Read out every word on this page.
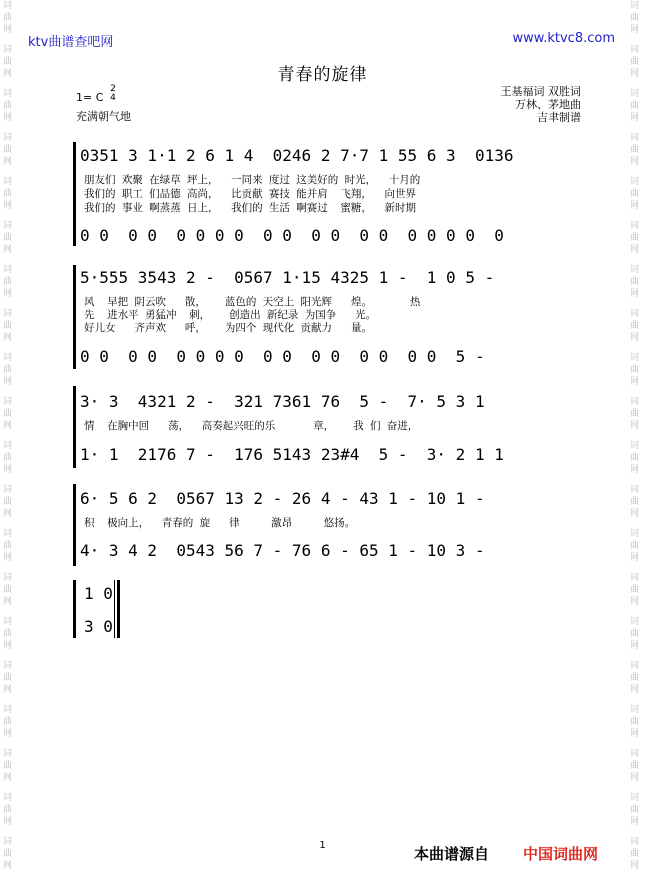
词
曲
网
词
曲
网
词
曲
网
词
曲
网
词
曲
网
词
曲
网
词
曲
网
词
曲
网
词
曲
网
词
曲
网
词
曲
网
词
曲
网
词
曲
网
词
曲
网
词
曲
网
词
曲
网
词
曲
网
词
曲
网
词
曲
网
词
曲
网
词
曲
网
词
曲
网
词
曲
网
词
曲
网
词
曲
网
词
曲
网
词
曲
网
词
曲
网
词
曲
网
词
曲
网
词
曲
网
词
曲
网
词
曲
网
词
曲
网
词
曲
网
词
曲
网
词
曲
网
词
曲
网
词
曲
网
词
曲
网
ktv曲谱查吧网	www.ktvc8.com
青春的旋律
1= C
2
4
充满朝气地
王基福词 双胜词
万林、茅地曲
吉聿制谱
0351 3 1·1 2 6 1 4  0246 2 7·7 1 55 6 3  0136
朋友们 欢聚 在绿草 坪上，  一同来 度过 这美好的 时光，  十月的
我们的 职工 们品德 高尚，  比贡献 赛技 能并肩  飞翔，  向世界
我们的 事业 啊蒸蒸 日上，  我们的 生活 啊赛过  蜜糖，  新时期
0 0  0 0  0 0 0 0  0 0  0 0  0 0  0 0 0 0  0
5·555 3543 2 -  0567 1·15 4325 1 -  1 0 5 -
风  早把 阴云吹   散，   蓝色的 天空上 阳光辉   煌。      热
先  进水平 勇猛冲  刺，   创造出 新纪录 为国争   光。
好儿女   齐声欢   呼，   为四个 现代化 贡献力   量。
0 0  0 0  0 0 0 0  0 0  0 0  0 0  0 0  5 -
3· 3  4321 2 -  321 7361 76  5 -  7· 5 3 1
情  在胸中回   荡，  高奏起兴旺的乐      章，   我 们 奋进，
1· 1  2176 7 -  176 5143 23#4  5 -  3· 2 1 1
6· 5 6 2  0567 13 2 - 26 4 - 43 1 - 10 1 -
积  极向上，  青春的 旋   律     激昂     悠扬。
4· 3 4 2  0543 56 7 - 76 6 - 65 1 - 10 3 -
1 0
3 0
1	本曲谱源自 中国词曲网
